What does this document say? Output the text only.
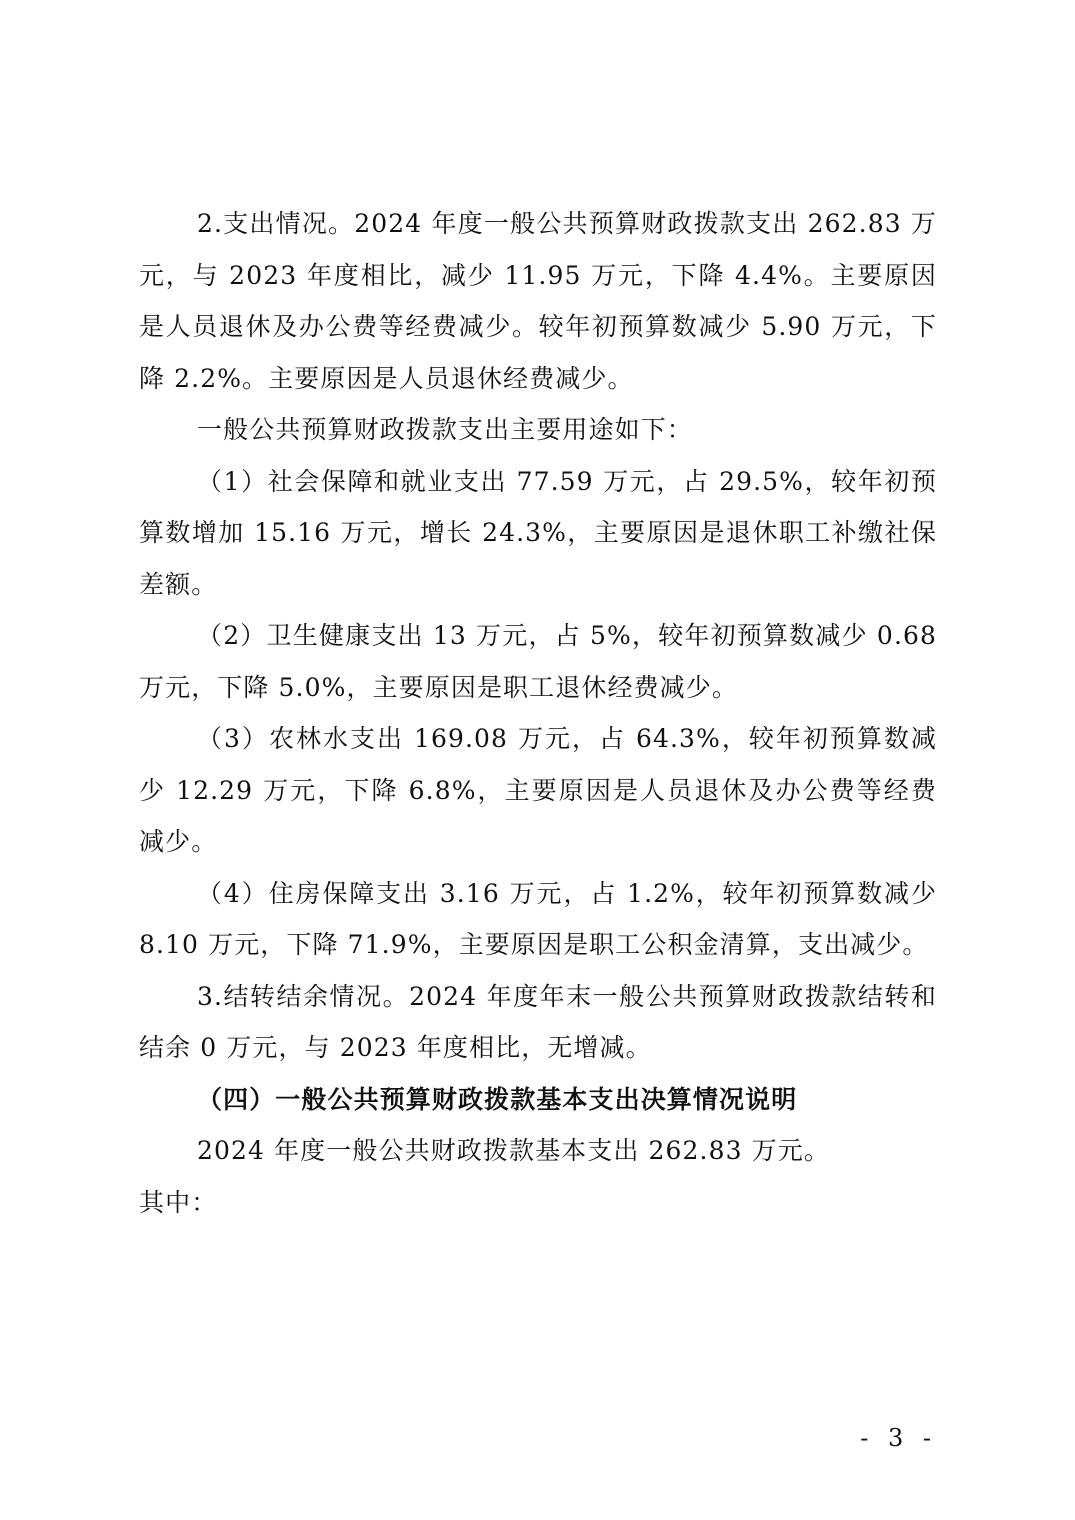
2.支出情况。2024 年度一般公共预算财政拨款支出 262.83 万元，与 2023 年度相比，减少 11.95 万元，下降 4.4%。主要原因是人员退休及办公费等经费减少。较年初预算数减少 5.90 万元，下降 2.2%。主要原因是人员退休经费减少。

一般公共预算财政拨款支出主要用途如下：

（1）社会保障和就业支出 77.59 万元，占 29.5%，较年初预算数增加 15.16 万元，增长 24.3%，主要原因是退休职工补缴社保差额。

（2）卫生健康支出 13 万元，占 5%，较年初预算数减少 0.68 万元，下降 5.0%，主要原因是职工退休经费减少。

（3）农林水支出 169.08 万元，占 64.3%，较年初预算数减少 12.29 万元，下降 6.8%，主要原因是人员退休及办公费等经费减少。

（4）住房保障支出 3.16 万元，占 1.2%，较年初预算数减少 8.10 万元，下降 71.9%，主要原因是职工公积金清算，支出减少。

3.结转结余情况。2024 年度年末一般公共预算财政拨款结转和结余 0 万元，与 2023 年度相比，无增减。

（四）一般公共预算财政拨款基本支出决算情况说明

2024 年度一般公共财政拨款基本支出 262.83 万元。

其中：

- 3 -
